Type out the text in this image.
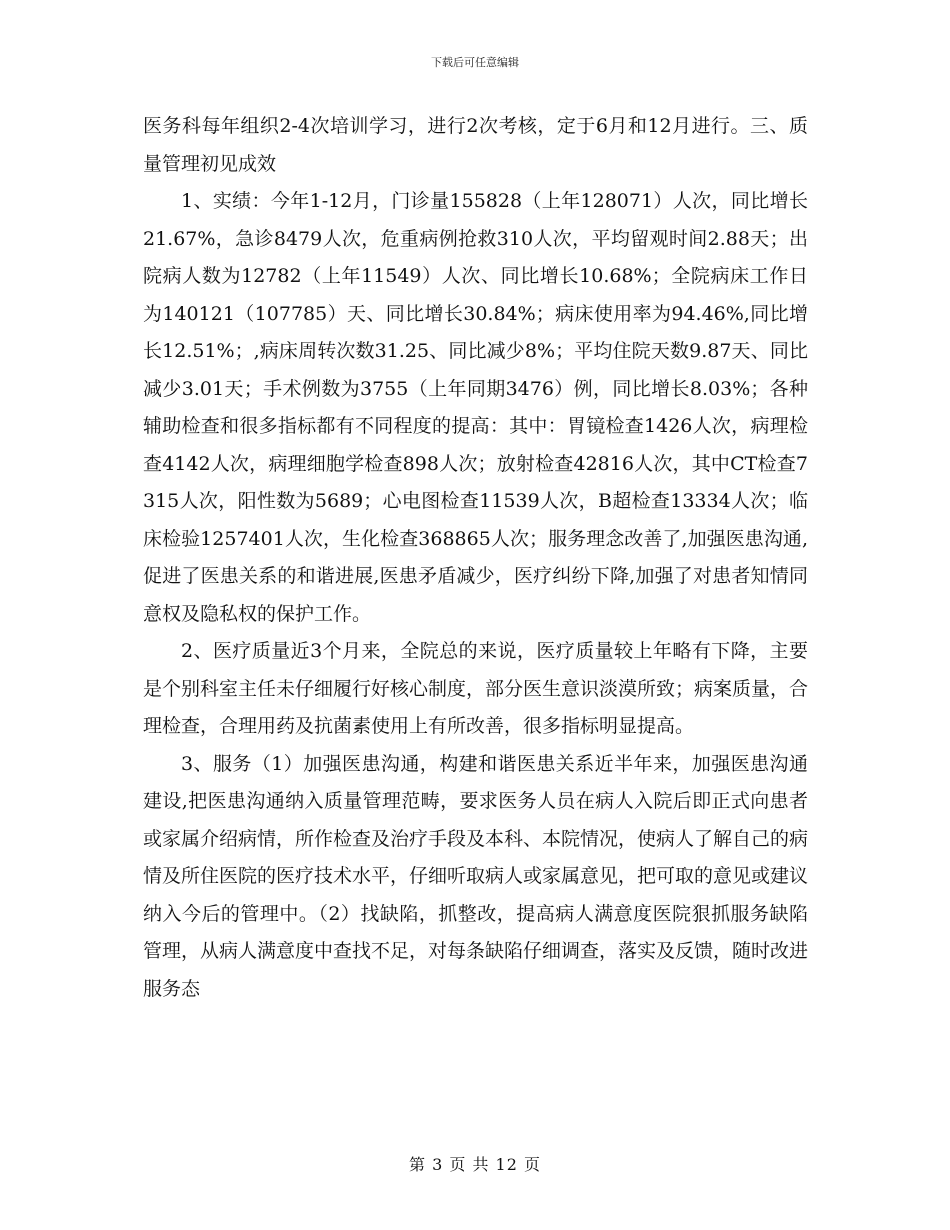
下载后可任意编辑

医务科每年组织2-4次培训学习，进行2次考核，定于6月和12月进行。三、质量管理初见成效

1、实绩：今年1-12月，门诊量155828（上年128071）人次，同比增长21.67%，急诊8479人次，危重病例抢救310人次，平均留观时间2.88天；出院病人数为12782（上年11549）人次、同比增长10.68%；全院病床工作日为140121（107785）天、同比增长30.84%；病床使用率为94.46%,同比增长12.51%；,病床周转次数31.25、同比减少8%；平均住院天数9.87天、同比减少3.01天；手术例数为3755（上年同期3476）例，同比增长8.03%；各种辅助检查和很多指标都有不同程度的提高：其中：胃镜检查1426人次，病理检查4142人次，病理细胞学检查898人次；放射检查42816人次，其中CT检查7315人次，阳性数为5689；心电图检查11539人次，B超检查13334人次；临床检验1257401人次，生化检查368865人次；服务理念改善了,加强医患沟通,促进了医患关系的和谐进展,医患矛盾减少，医疗纠纷下降,加强了对患者知情同意权及隐私权的保护工作。

2、医疗质量近3个月来，全院总的来说，医疗质量较上年略有下降，主要是个别科室主任未仔细履行好核心制度，部分医生意识淡漠所致；病案质量，合理检查，合理用药及抗菌素使用上有所改善，很多指标明显提高。

3、服务（1）加强医患沟通，构建和谐医患关系近半年来，加强医患沟通建设,把医患沟通纳入质量管理范畴，要求医务人员在病人入院后即正式向患者或家属介绍病情，所作检查及治疗手段及本科、本院情况，使病人了解自己的病情及所住医院的医疗技术水平，仔细听取病人或家属意见，把可取的意见或建议纳入今后的管理中。（2）找缺陷，抓整改，提高病人满意度医院狠抓服务缺陷管理，从病人满意度中查找不足，对每条缺陷仔细调查，落实及反馈，随时改进服务态

第 3 页 共 12 页
